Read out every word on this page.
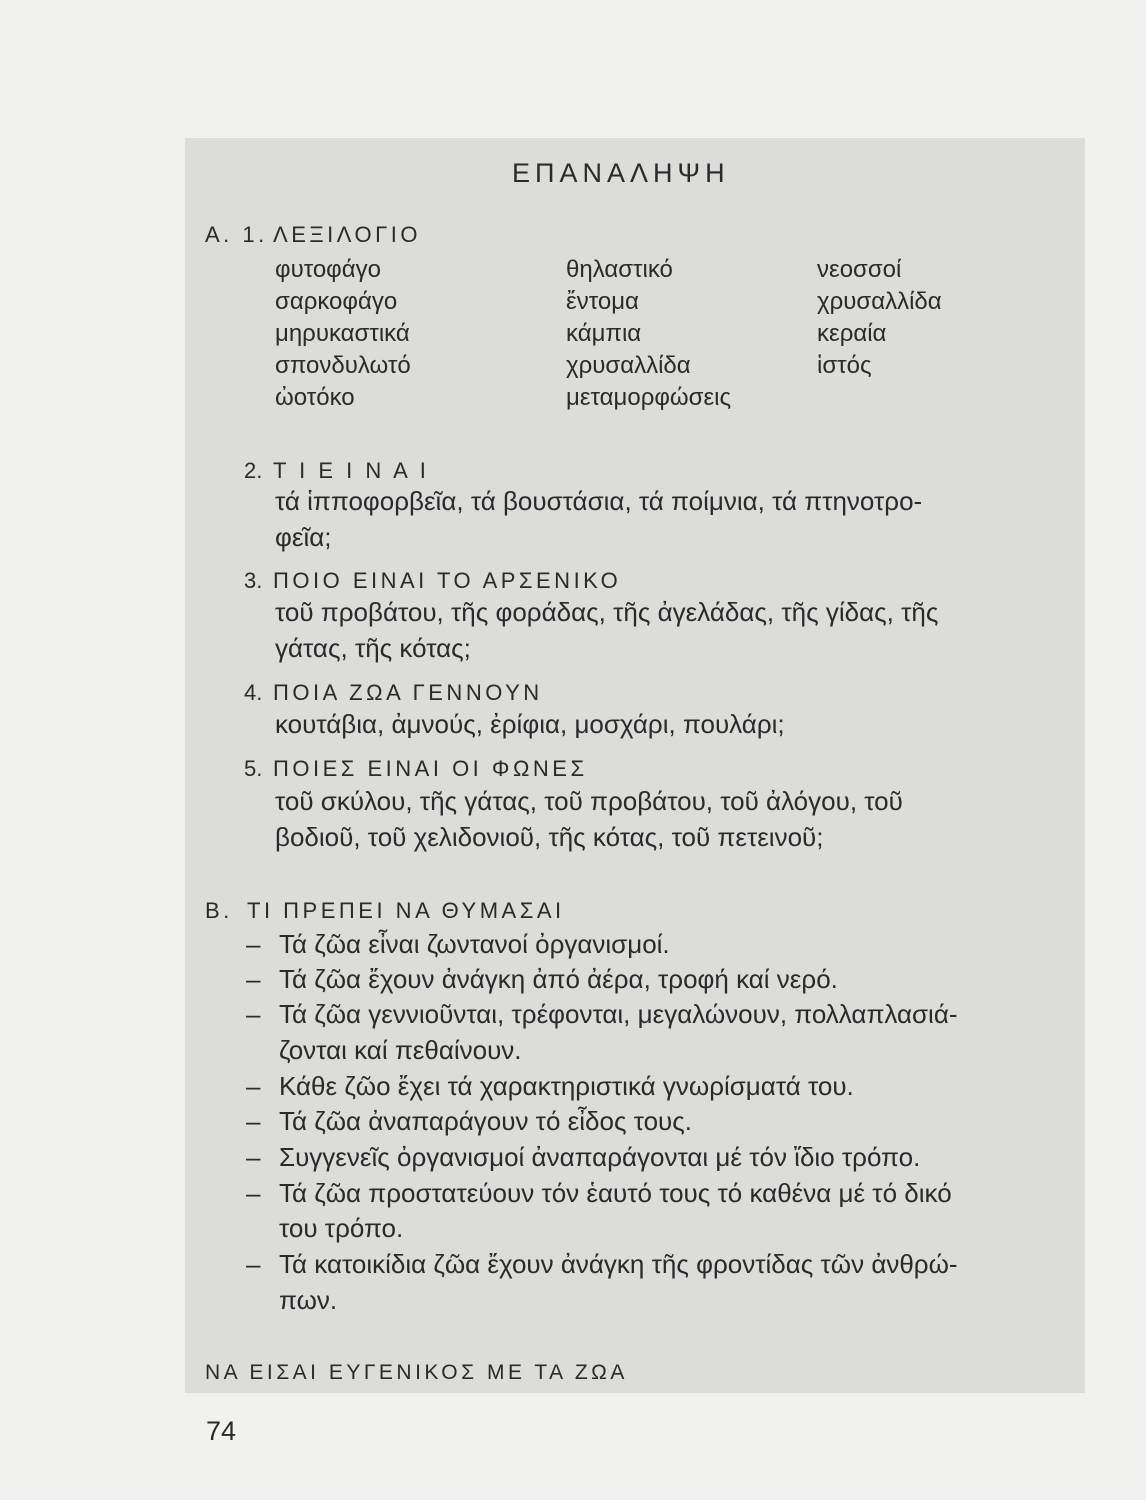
ΕΠΑΝΑΛΗΨΗ
Α. 1. ΛΕΞΙΛΟΓΙΟ
φυτοφάγο
σαρκοφάγο
μηρυκαστικά
σπονδυλωτό
ὠοτόκο
θηλαστικό
ἔντομα
κάμπια
χρυσαλλίδα
μεταμορφώσεις
νεοσσοί
χρυσαλλίδα
κεραία
ἱστός
2. Τ Ι Ε Ι Ν Α Ι
τά ἱπποφορβεῖα, τά βουστάσια, τά ποίμνια, τά πτηνοτρο-
φεῖα;
3. ΠΟΙΟ ΕΙΝΑΙ ΤΟ ΑΡΣΕΝΙΚΟ
τοῦ προβάτου, τῆς φοράδας, τῆς ἀγελάδας, τῆς γίδας, τῆς
γάτας, τῆς κότας;
4. ΠΟΙΑ ΖΩΑ ΓΕΝΝΟΥΝ
κουτάβια, ἀμνούς, ἐρίφια, μοσχάρι, πουλάρι;
5. ΠΟΙΕΣ ΕΙΝΑΙ ΟΙ ΦΩΝΕΣ
τοῦ σκύλου, τῆς γάτας, τοῦ προβάτου, τοῦ ἀλόγου, τοῦ
βοδιοῦ, τοῦ χελιδονιοῦ, τῆς κότας, τοῦ πετεινοῦ;
Β. ΤΙ ΠΡΕΠΕΙ ΝΑ ΘΥΜΑΣΑΙ
– Τά ζῶα εἶναι ζωντανοί ὀργανισμοί.
– Τά ζῶα ἔχουν ἀνάγκη ἀπό ἀέρα, τροφή καί νερό.
– Τά ζῶα γεννιοῦνται, τρέφονται, μεγαλώνουν, πολλαπλασιά-
ζονται καί πεθαίνουν.
– Κάθε ζῶο ἔχει τά χαρακτηριστικά γνωρίσματά του.
– Τά ζῶα ἀναπαράγουν τό εἶδος τους.
– Συγγενεῖς ὀργανισμοί ἀναπαράγονται μέ τόν ἴδιο τρόπο.
– Τά ζῶα προστατεύουν τόν ἑαυτό τους τό καθένα μέ τό δικό
του τρόπο.
– Τά κατοικίδια ζῶα ἔχουν ἀνάγκη τῆς φροντίδας τῶν ἀνθρώ-
πων.
ΝΑ ΕΙΣΑΙ ΕΥΓΕΝΙΚΟΣ ΜΕ ΤΑ ΖΩΑ
74
